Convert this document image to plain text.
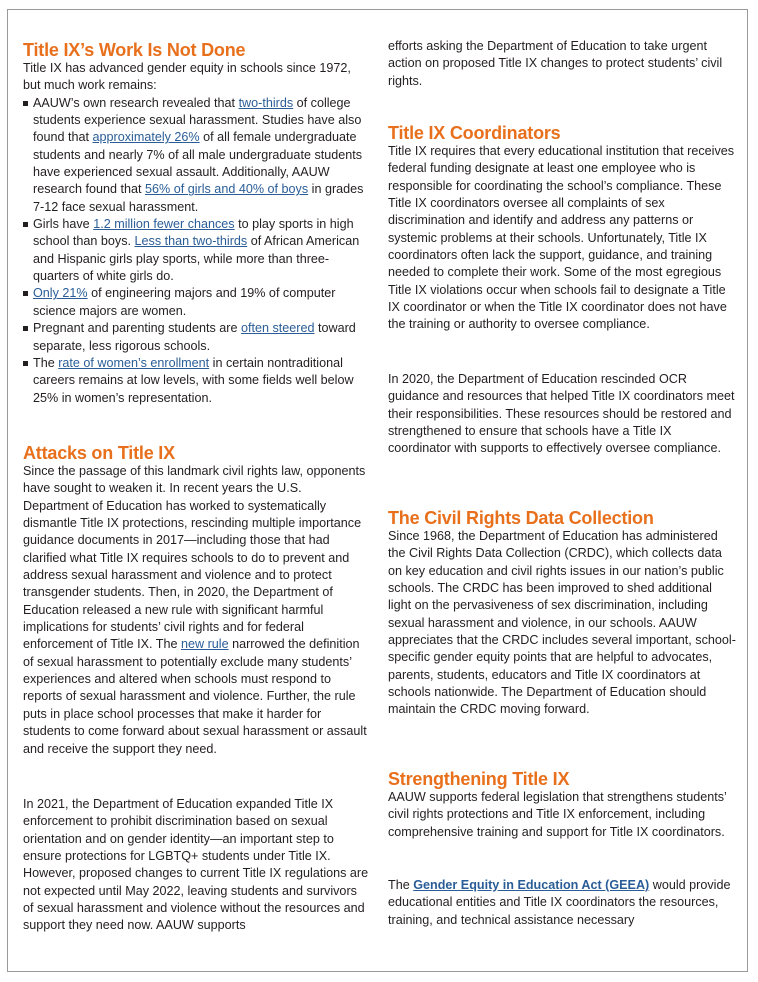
Title IX’s Work Is Not Done

Title IX has advanced gender equity in schools since 1972, but much work remains:

AAUW’s own research revealed that two-thirds of college students experience sexual harassment. Studies have also found that approximately 26% of all female undergraduate students and nearly 7% of all male undergraduate students have experienced sexual assault. Additionally, AAUW research found that 56% of girls and 40% of boys in grades 7-12 face sexual harassment.
Girls have 1.2 million fewer chances to play sports in high school than boys. Less than two-thirds of African American and Hispanic girls play sports, while more than three-quarters of white girls do.
Only 21% of engineering majors and 19% of computer science majors are women.
Pregnant and parenting students are often steered toward separate, less rigorous schools.
The rate of women’s enrollment in certain nontraditional careers remains at low levels, with some fields well below 25% in women’s representation.
Attacks on Title IX

Since the passage of this landmark civil rights law, opponents have sought to weaken it. In recent years the U.S. Department of Education has worked to systematically dismantle Title IX protections, rescinding multiple importance guidance documents in 2017—including those that had clarified what Title IX requires schools to do to prevent and address sexual harassment and violence and to protect transgender students. Then, in 2020, the Department of Education released a new rule with significant harmful implications for students’ civil rights and for federal enforcement of Title IX. The new rule narrowed the definition of sexual harassment to potentially exclude many students’ experiences and altered when schools must respond to reports of sexual harassment and violence. Further, the rule puts in place school processes that make it harder for students to come forward about sexual harassment or assault and receive the support they need.

In 2021, the Department of Education expanded Title IX enforcement to prohibit discrimination based on sexual orientation and on gender identity—an important step to ensure protections for LGBTQ+ students under Title IX. However, proposed changes to current Title IX regulations are not expected until May 2022, leaving students and survivors of sexual harassment and violence without the resources and support they need now. AAUW supports

efforts asking the Department of Education to take urgent action on proposed Title IX changes to protect students’ civil rights.

Title IX Coordinators

Title IX requires that every educational institution that receives federal funding designate at least one employee who is responsible for coordinating the school’s compliance. These Title IX coordinators oversee all complaints of sex discrimination and identify and address any patterns or systemic problems at their schools. Unfortunately, Title IX coordinators often lack the support, guidance, and training needed to complete their work. Some of the most egregious Title IX violations occur when schools fail to designate a Title IX coordinator or when the Title IX coordinator does not have the training or authority to oversee compliance.

In 2020, the Department of Education rescinded OCR guidance and resources that helped Title IX coordinators meet their responsibilities. These resources should be restored and strengthened to ensure that schools have a Title IX coordinator with supports to effectively oversee compliance.

The Civil Rights Data Collection

Since 1968, the Department of Education has administered the Civil Rights Data Collection (CRDC), which collects data on key education and civil rights issues in our nation’s public schools. The CRDC has been improved to shed additional light on the pervasiveness of sex discrimination, including sexual harassment and violence, in our schools. AAUW appreciates that the CRDC includes several important, school-specific gender equity points that are helpful to advocates, parents, students, educators and Title IX coordinators at schools nationwide. The Department of Education should maintain the CRDC moving forward.

Strengthening Title IX

AAUW supports federal legislation that strengthens students’ civil rights protections and Title IX enforcement, including comprehensive training and support for Title IX coordinators.

The Gender Equity in Education Act (GEEA) would provide educational entities and Title IX coordinators the resources, training, and technical assistance necessary
